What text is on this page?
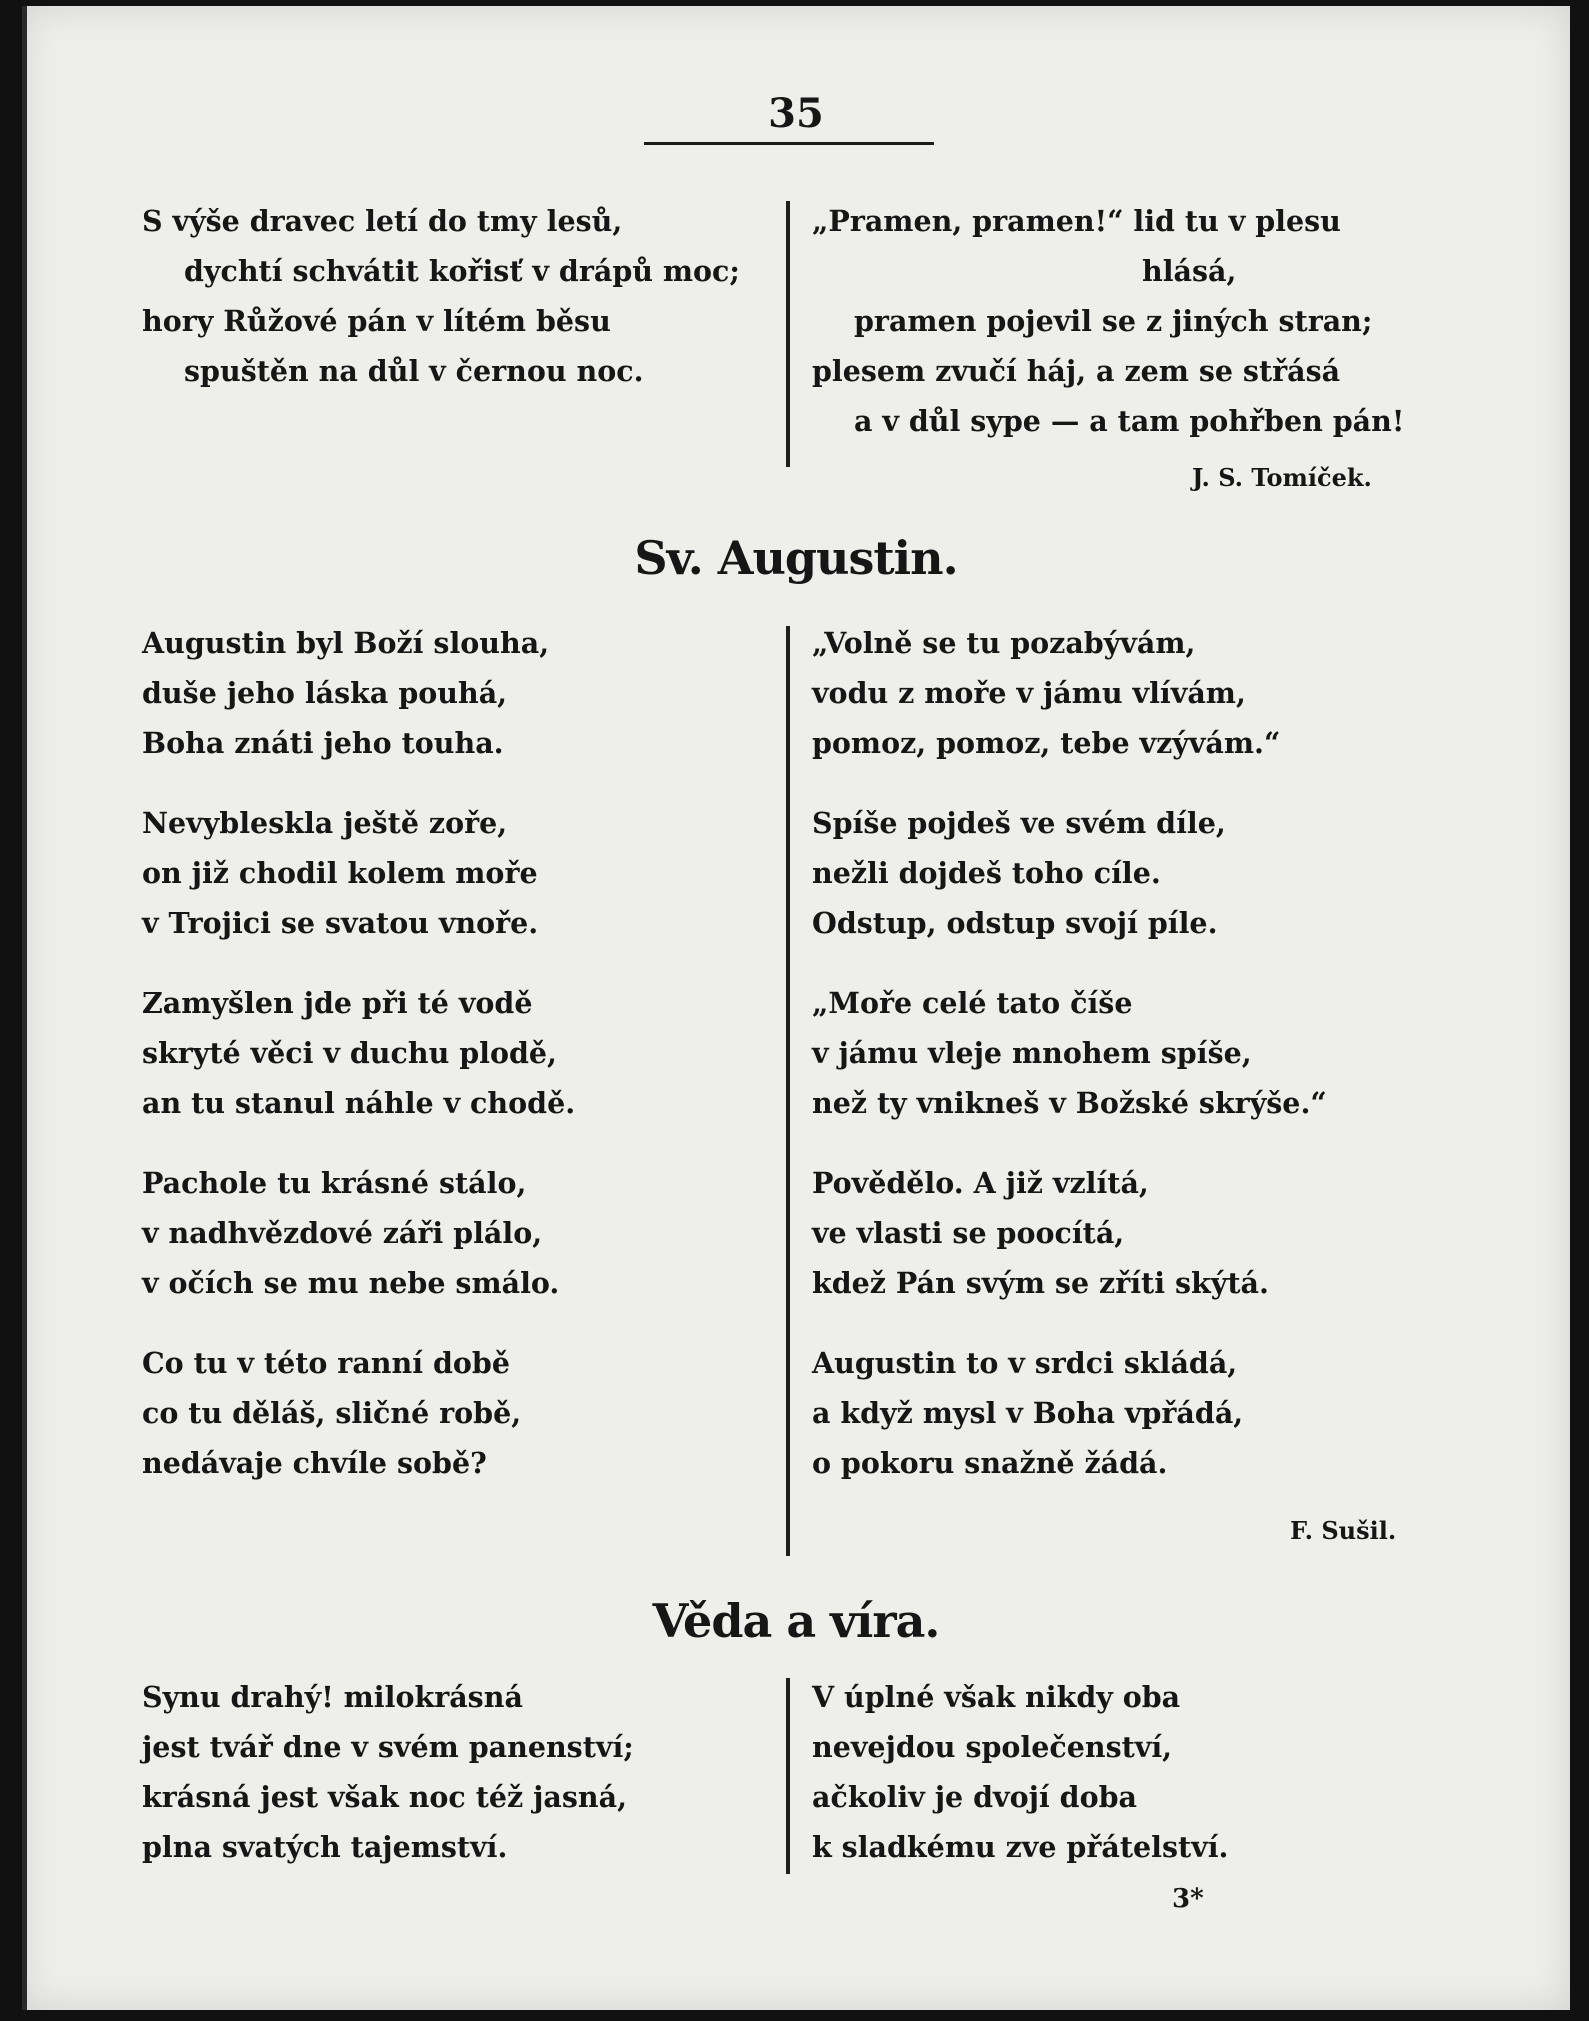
35
S výše dravec letí do tmy lesů,
dychtí schvátit kořisť v drápů moc;
hory Růžové pán v lítém běsu
spuštěn na důl v černou noc.
„Pramen, pramen!“ lid tu v plesu
hlásá,
pramen pojevil se z jiných stran;
plesem zvučí háj, a zem se střásá
a v důl sype — a tam pohřben pán!
J. S. Tomíček.
Sv. Augustin.
Augustin byl Boží slouha,
duše jeho láska pouhá,
Boha znáti jeho touha.
Nevybleskla ještě zoře,
on již chodil kolem moře
v Trojici se svatou vnoře.
Zamyšlen jde při té vodě
skryté věci v duchu plodě,
an tu stanul náhle v chodě.
Pachole tu krásné stálo,
v nadhvězdové záři plálo,
v očích se mu nebe smálo.
Co tu v této ranní době
co tu děláš, sličné robě,
nedávaje chvíle sobě?
„Volně se tu pozabývám,
vodu z moře v jámu vlívám,
pomoz, pomoz, tebe vzývám.“
Spíše pojdeš ve svém díle,
nežli dojdeš toho cíle.
Odstup, odstup svojí píle.
„Moře celé tato číše
v jámu vleje mnohem spíše,
než ty vnikneš v Božské skrýše.“
Povědělo. A již vzlítá,
ve vlasti se poocítá,
kdež Pán svým se zříti skýtá.
Augustin to v srdci skládá,
a když mysl v Boha vpřádá,
o pokoru snažně žádá.
F. Sušil.
Věda a víra.
Synu drahý! milokrásná
jest tvář dne v svém panenství;
krásná jest však noc též jasná,
plna svatých tajemství.
V úplné však nikdy oba
nevejdou společenství,
ačkoliv je dvojí doba
k sladkému zve přátelství.
3*
